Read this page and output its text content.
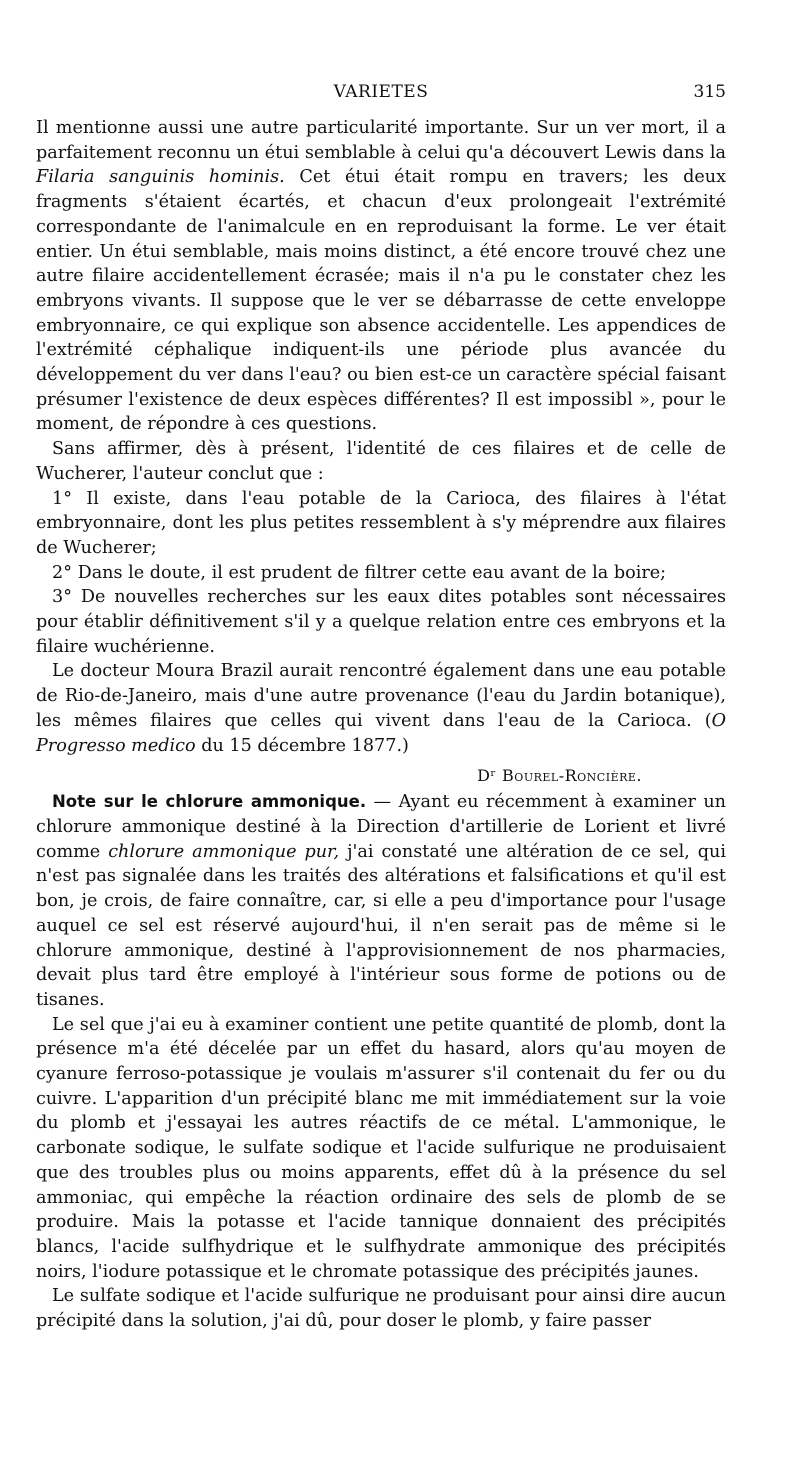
VARIETES	315

Il mentionne aussi une autre particularité importante. Sur un ver mort, il a parfaitement reconnu un étui semblable à celui qu'a découvert Lewis dans la Filaria sanguinis hominis. Cet étui était rompu en travers; les deux fragments s'étaient écartés, et chacun d'eux prolongeait l'extrémité correspondante de l'animalcule en en reproduisant la forme. Le ver était entier. Un étui semblable, mais moins distinct, a été encore trouvé chez une autre filaire accidentellement écrasée; mais il n'a pu le constater chez les embryons vivants. Il suppose que le ver se débarrasse de cette enveloppe embryonnaire, ce qui explique son absence accidentelle. Les appendices de l'extrémité céphalique indiquent-ils une période plus avancée du développement du ver dans l'eau? ou bien est-ce un caractère spécial faisant présumer l'existence de deux espèces différentes? Il est impossibl », pour le moment, de répondre à ces questions.

Sans affirmer, dès à présent, l'identité de ces filaires et de celle de Wucherer, l'auteur conclut que :

1° Il existe, dans l'eau potable de la Carioca, des filaires à l'état embryonnaire, dont les plus petites ressemblent à s'y méprendre aux filaires de Wucherer;

2° Dans le doute, il est prudent de filtrer cette eau avant de la boire;

3° De nouvelles recherches sur les eaux dites potables sont nécessaires pour établir définitivement s'il y a quelque relation entre ces embryons et la filaire wuchérienne.

Le docteur Moura Brazil aurait rencontré également dans une eau potable de Rio-de-Janeiro, mais d'une autre provenance (l'eau du Jardin botanique), les mêmes filaires que celles qui vivent dans l'eau de la Carioca. (O Progresso medico du 15 décembre 1877.)

Dʳ Bourel-Roncière.

Note sur le chlorure ammonique. — Ayant eu récemment à examiner un chlorure ammonique destiné à la Direction d'artillerie de Lorient et livré comme chlorure ammonique pur, j'ai constaté une altération de ce sel, qui n'est pas signalée dans les traités des altérations et falsifications et qu'il est bon, je crois, de faire connaître, car, si elle a peu d'importance pour l'usage auquel ce sel est réservé aujourd'hui, il n'en serait pas de même si le chlorure ammonique, destiné à l'approvisionnement de nos pharmacies, devait plus tard être employé à l'intérieur sous forme de potions ou de tisanes.

Le sel que j'ai eu à examiner contient une petite quantité de plomb, dont la présence m'a été décelée par un effet du hasard, alors qu'au moyen de cyanure ferroso-potassique je voulais m'assurer s'il contenait du fer ou du cuivre. L'apparition d'un précipité blanc me mit immédiatement sur la voie du plomb et j'essayai les autres réactifs de ce métal. L'ammonique, le carbonate sodique, le sulfate sodique et l'acide sulfurique ne produisaient que des troubles plus ou moins apparents, effet dû à la présence du sel ammoniac, qui empêche la réaction ordinaire des sels de plomb de se produire. Mais la potasse et l'acide tannique donnaient des précipités blancs, l'acide sulfhydrique et le sulfhydrate ammonique des précipités noirs, l'iodure potassique et le chromate potassique des précipités jaunes.

Le sulfate sodique et l'acide sulfurique ne produisant pour ainsi dire aucun précipité dans la solution, j'ai dû, pour doser le plomb, y faire passer
